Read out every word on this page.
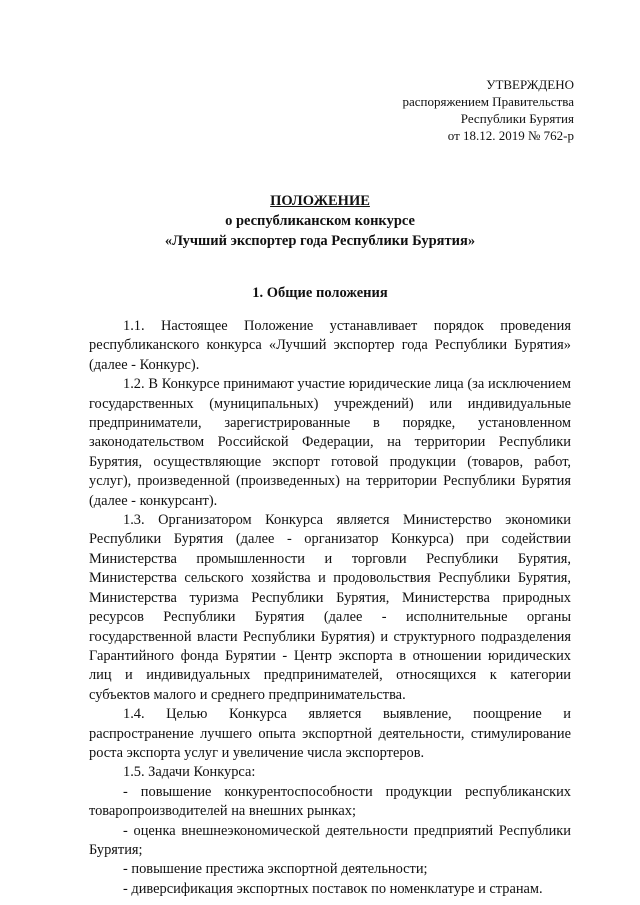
УТВЕРЖДЕНО
распоряжением Правительства
Республики Бурятия
от 18.12. 2019 № 762-р
ПОЛОЖЕНИЕ
о республиканском конкурсе
«Лучший экспортер года Республики Бурятия»
1. Общие положения

1.1. Настоящее Положение устанавливает порядок проведения республиканского конкурса «Лучший экспортер года Республики Бурятия» (далее - Конкурс).

1.2. В Конкурсе принимают участие юридические лица (за исключением государственных (муниципальных) учреждений) или индивидуальные предприниматели, зарегистрированные в порядке, установленном законодательством Российской Федерации, на территории Республики Бурятия, осуществляющие экспорт готовой продукции (товаров, работ, услуг), произведенной (произведенных) на территории Республики Бурятия (далее - конкурсант).

1.3. Организатором Конкурса является Министерство экономики Республики Бурятия (далее - организатор Конкурса) при содействии Министерства промышленности и торговли Республики Бурятия, Министерства сельского хозяйства и продовольствия Республики Бурятия, Министерства туризма Республики Бурятия, Министерства природных ресурсов Республики Бурятия (далее - исполнительные органы государственной власти Республики Бурятия) и структурного подразделения Гарантийного фонда Бурятии - Центр экспорта в отношении юридических лиц и индивидуальных предпринимателей, относящихся к категории субъектов малого и среднего предпринимательства.

1.4. Целью Конкурса является выявление, поощрение и распространение лучшего опыта экспортной деятельности, стимулирование роста экспорта услуг и увеличение числа экспортеров.

1.5. Задачи Конкурса:

- повышение конкурентоспособности продукции республиканских товаропроизводителей на внешних рынках;

- оценка внешнеэкономической деятельности предприятий Республики Бурятия;

- повышение престижа экспортной деятельности;

- диверсификация экспортных поставок по номенклатуре и странам.
